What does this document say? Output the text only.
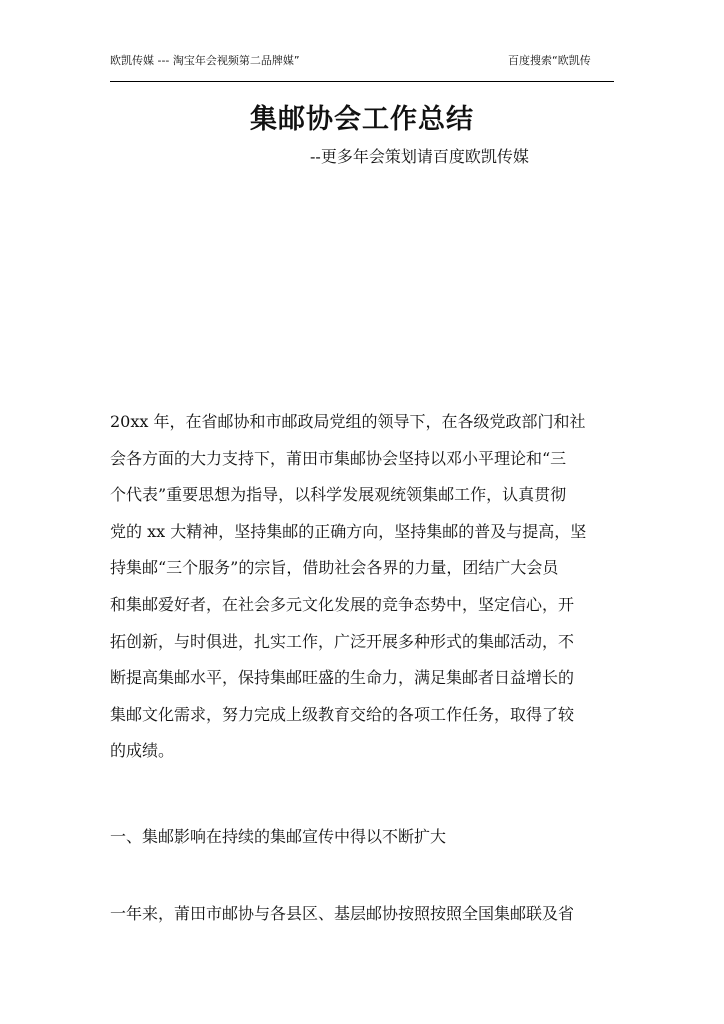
欧凯传媒 --- 淘宝年会视频第二品牌媒”	百度搜索“欧凯传
集邮协会工作总结
--更多年会策划请百度欧凯传媒
20xx 年，在省邮协和市邮政局党组的领导下，在各级党政部门和社
会各方面的大力支持下，莆田市集邮协会坚持以邓小平理论和“三
个代表”重要思想为指导，以科学发展观统领集邮工作，认真贯彻
党的 xx 大精神，坚持集邮的正确方向，坚持集邮的普及与提高，坚
持集邮“三个服务”的宗旨，借助社会各界的力量，团结广大会员
和集邮爱好者，在社会多元文化发展的竞争态势中，坚定信心，开
拓创新，与时俱进，扎实工作，广泛开展多种形式的集邮活动，不
断提高集邮水平，保持集邮旺盛的生命力，满足集邮者日益增长的
集邮文化需求，努力完成上级教育交给的各项工作任务，取得了较
的成绩。
一、集邮影响在持续的集邮宣传中得以不断扩大
一年来，莆田市邮协与各县区、基层邮协按照按照全国集邮联及省
